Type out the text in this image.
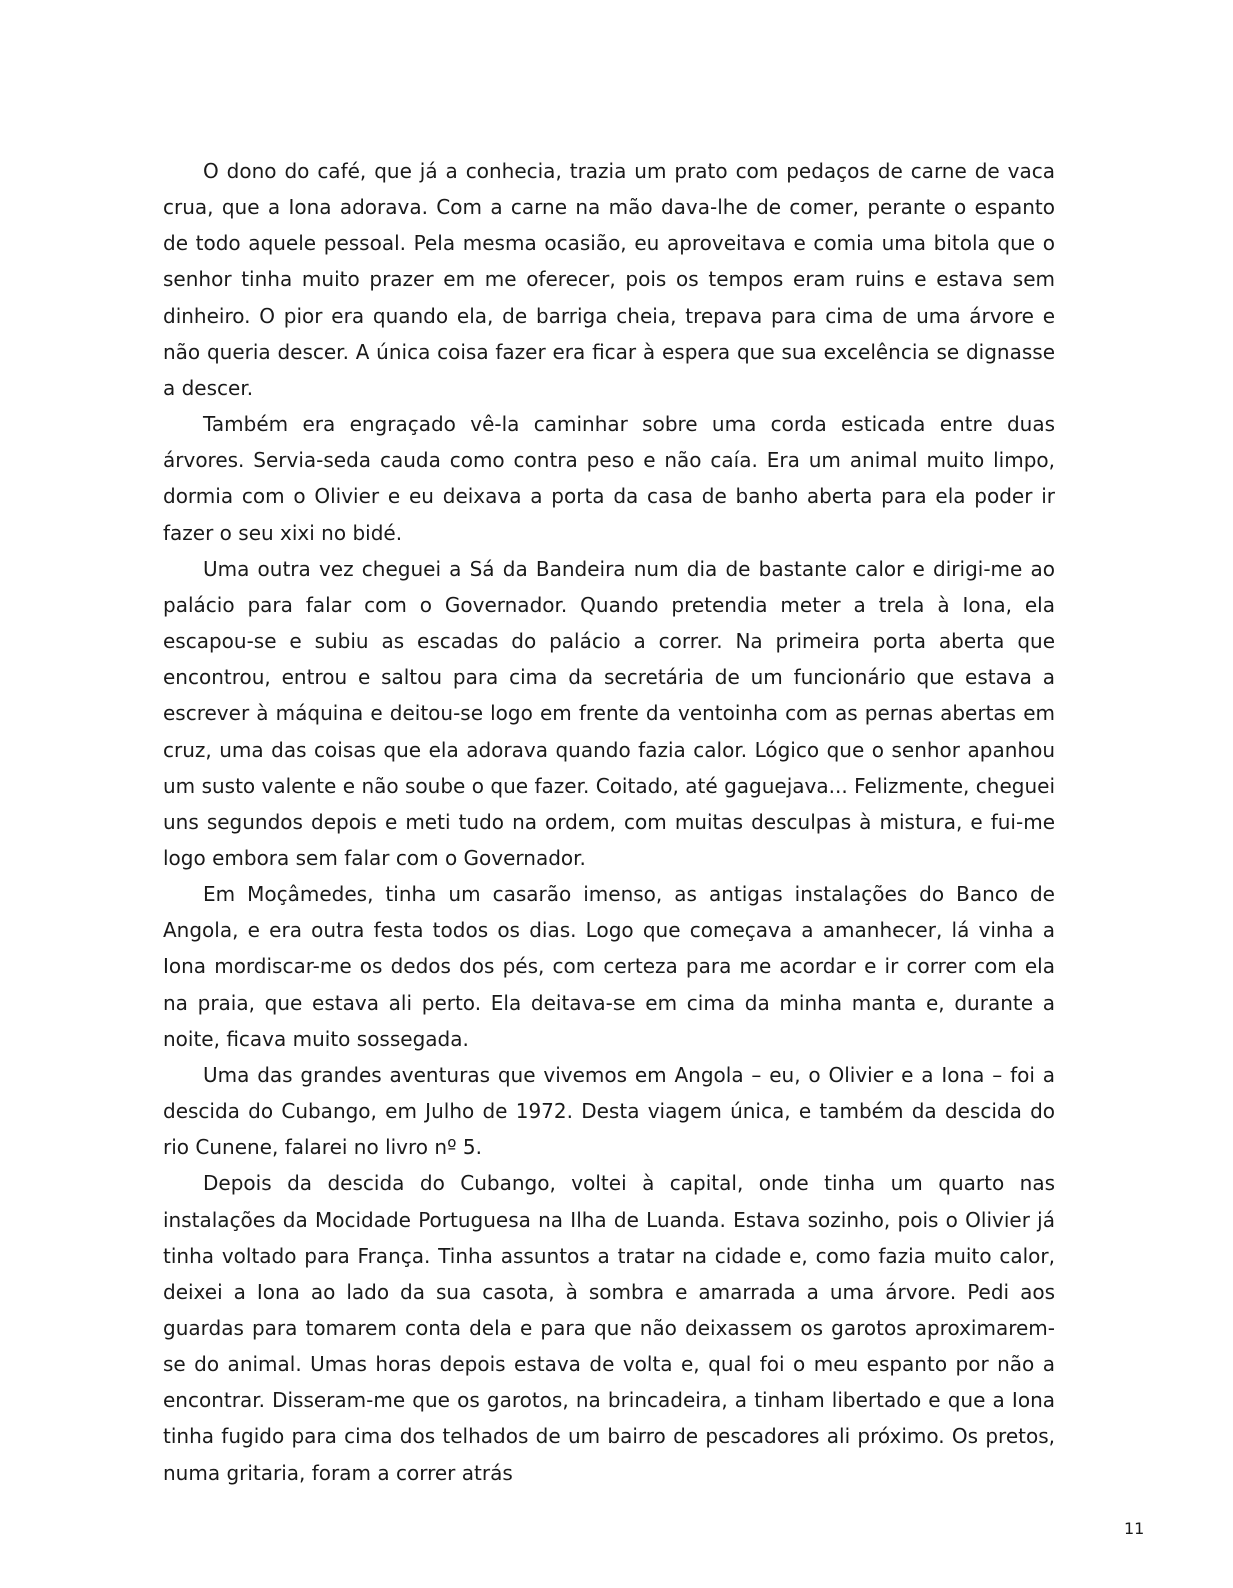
O dono do café, que já a conhecia, trazia um prato com pedaços de carne de vaca crua, que a Iona adorava. Com a carne na mão dava-lhe de comer, perante o espanto de todo aquele pessoal. Pela mesma ocasião, eu aproveitava e comia uma bitola que o senhor tinha muito prazer em me oferecer, pois os tempos eram ruins e estava sem dinheiro. O pior era quando ela, de barriga cheia, trepava para cima de uma árvore e não queria descer. A única coisa fazer era ficar à espera que sua excelência se dignasse a descer.

Também era engraçado vê-la caminhar sobre uma corda esticada entre duas árvores. Servia-seda cauda como contra peso e não caía. Era um animal muito limpo, dormia com o Olivier e eu deixava a porta da casa de banho aberta para ela poder ir fazer o seu xixi no bidé.

Uma outra vez cheguei a Sá da Bandeira num dia de bastante calor e dirigi-me ao palácio para falar com o Governador. Quando pretendia meter a trela à Iona, ela escapou-se e subiu as escadas do palácio a correr. Na primeira porta aberta que encontrou, entrou e saltou para cima da secretária de um funcionário que estava a escrever à máquina e deitou-se logo em frente da ventoinha com as pernas abertas em cruz, uma das coisas que ela adorava quando fazia calor. Lógico que o senhor apanhou um susto valente e não soube o que fazer. Coitado, até gaguejava... Felizmente, cheguei uns segundos depois e meti tudo na ordem, com muitas desculpas à mistura, e fui-me logo embora sem falar com o Governador.

Em Moçâmedes, tinha um casarão imenso, as antigas instalações do Banco de Angola, e era outra festa todos os dias. Logo que começava a amanhecer, lá vinha a Iona mordiscar-me os dedos dos pés, com certeza para me acordar e ir correr com ela na praia, que estava ali perto. Ela deitava-se em cima da minha manta e, durante a noite, ficava muito sossegada.

Uma das grandes aventuras que vivemos em Angola – eu, o Olivier e a Iona – foi a descida do Cubango, em Julho de 1972. Desta viagem única, e também da descida do rio Cunene, falarei no livro nº 5.

Depois da descida do Cubango, voltei à capital, onde tinha um quarto nas instalações da Mocidade Portuguesa na Ilha de Luanda. Estava sozinho, pois o Olivier já tinha voltado para França. Tinha assuntos a tratar na cidade e, como fazia muito calor, deixei a Iona ao lado da sua casota, à sombra e amarrada a uma árvore. Pedi aos guardas para tomarem conta dela e para que não deixassem os garotos aproximarem-se do animal. Umas horas depois estava de volta e, qual foi o meu espanto por não a encontrar. Disseram-me que os garotos, na brincadeira, a tinham libertado e que a Iona tinha fugido para cima dos telhados de um bairro de pescadores ali próximo. Os pretos, numa gritaria, foram a correr atrás

11
